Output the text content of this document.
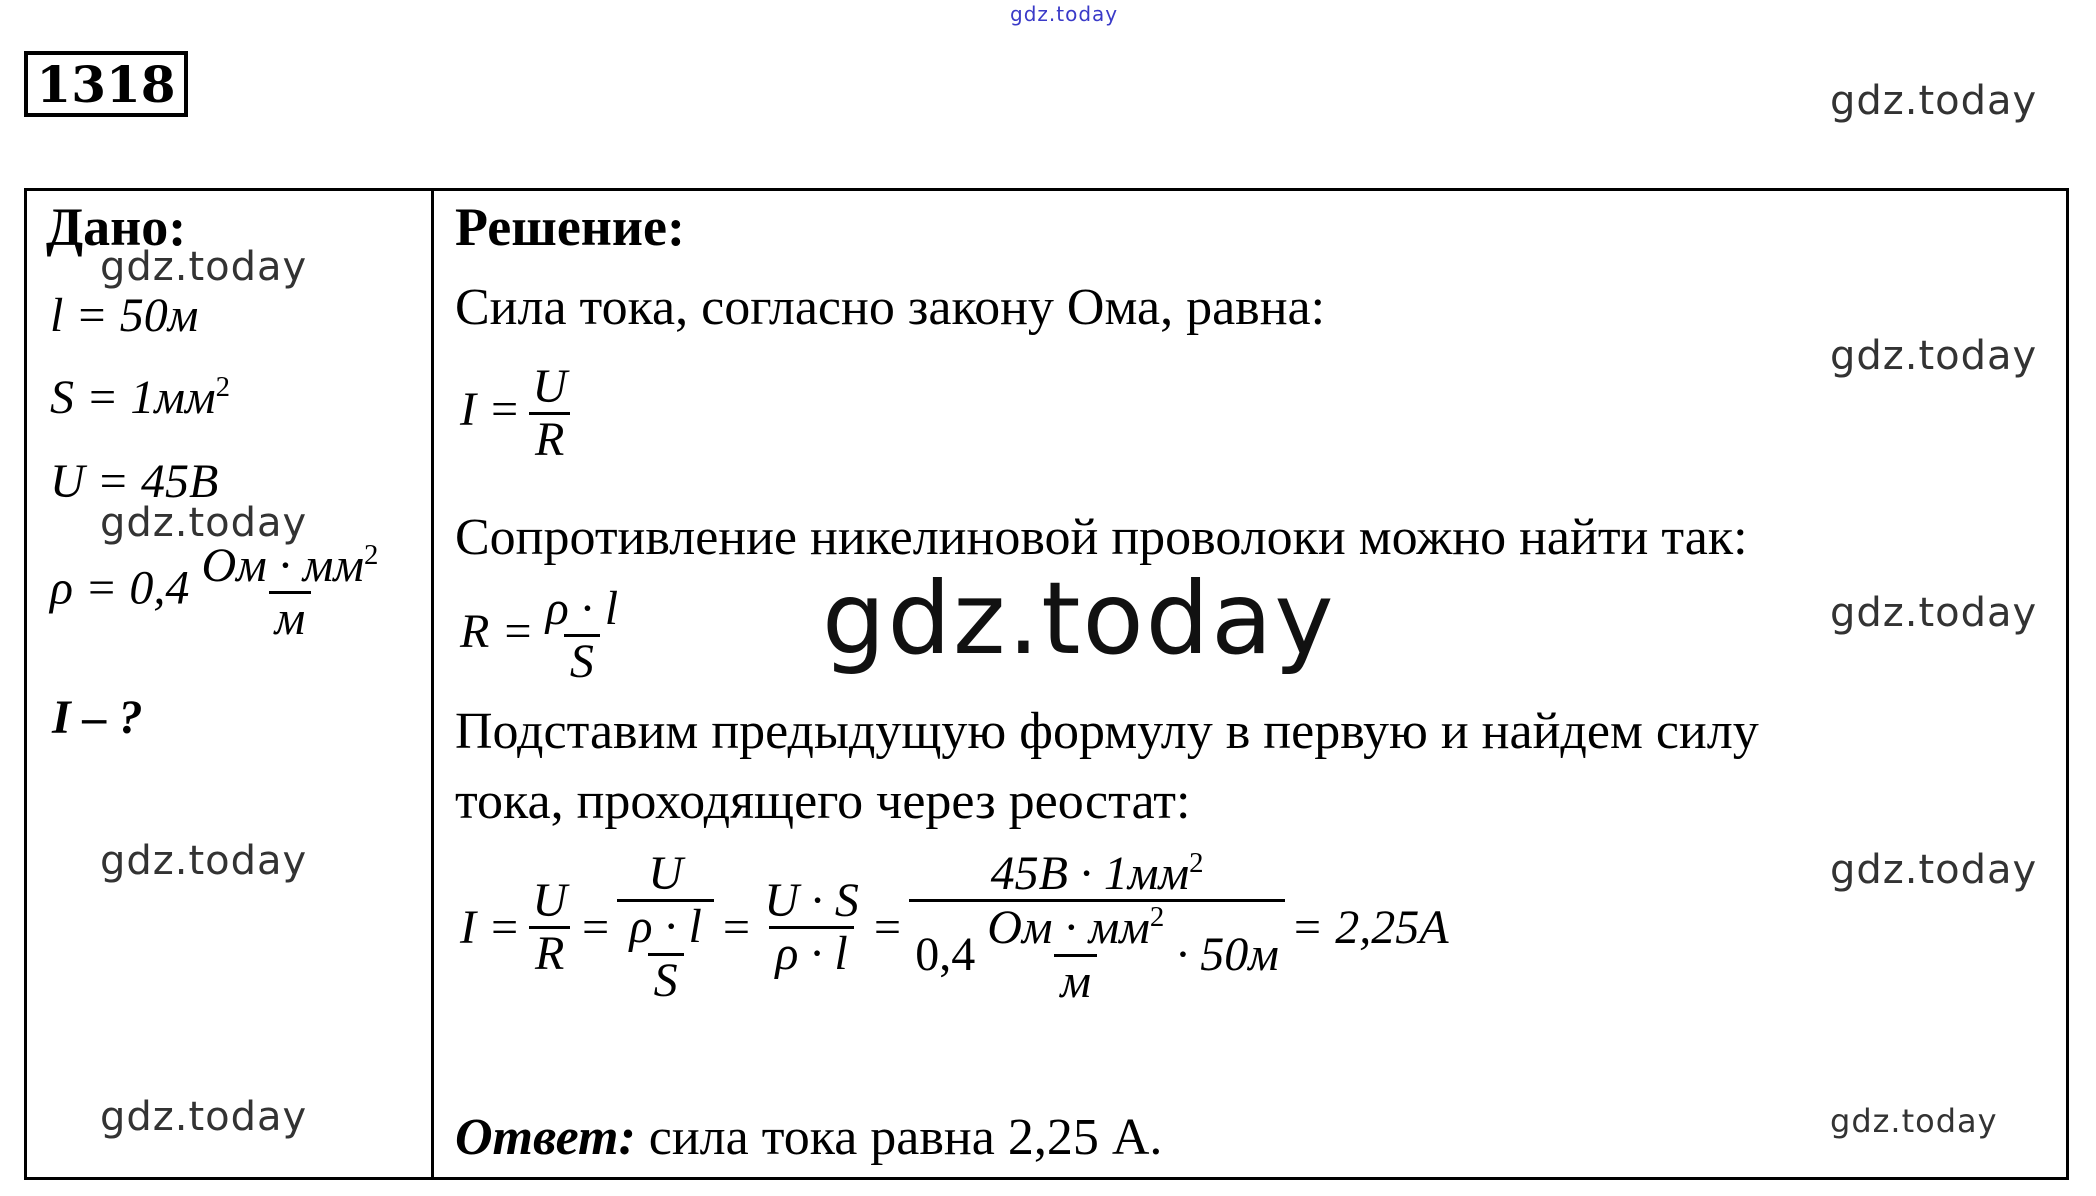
gdz.today
gdz.today
gdz.today
gdz.today
gdz.today
gdz.today
gdz.today
gdz.today
gdz.today
gdz.today
1318
Дано:
l = 50м
$S = 1мм^2$
U = 45В
$\rho = 0,4 \frac{Ом \cdot мм^2}{м}$
I – ?
Решение:
Сила тока, согласно закону Ома, равна:
$I = \frac{U}{R}$
Сопротивление никелиновой проволоки можно найти так:
$R = \frac{\rho \cdot l}{S}$
Подставим предыдущую формулу в первую и найдем силу
тока, проходящего через реостат:
$I = \frac{U}{R} = \frac{U}{\frac{\rho \cdot l}{S}} = \frac{U \cdot S}{\rho \cdot l} = \frac{45В \cdot 1мм^2}{0,4 \frac{Ом \cdot мм^2}{м} \cdot 50м} = 2,25А$
Ответ: сила тока равна 2,25 А.
gdz.today
